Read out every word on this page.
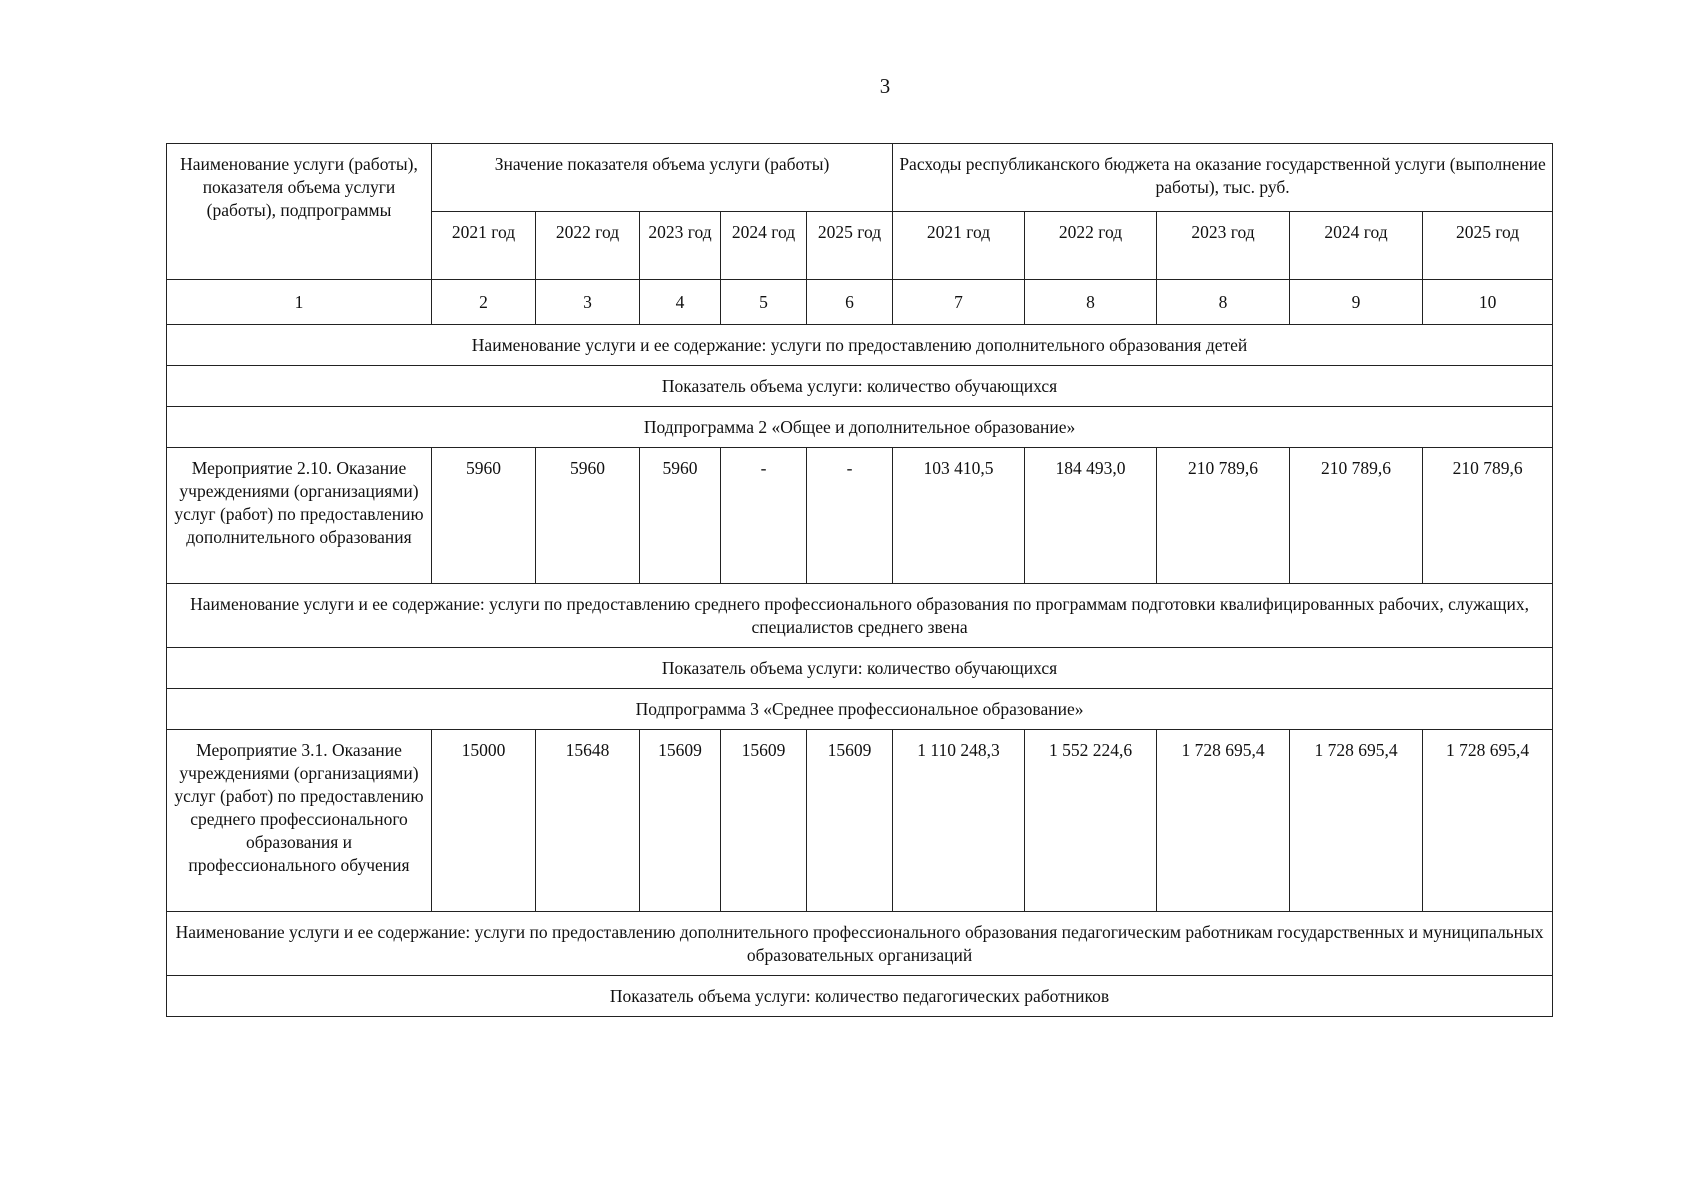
3
Наименование услуги (работы), показателя объема услуги (работы), подпрограммы	Значение показателя объема услуги (работы)					Расходы республиканского бюджета на оказание государственной услуги (выполнение работы), тыс. руб.				
	2021 год	2022 год	2023 год	2024 год	2025 год	2021 год	2022 год	2023 год	2024 год	2025 год
1	2	3	4	5	6	7	8	8	9	10
Наименование услуги и ее содержание: услуги по предоставлению дополнительного образования детей										
Показатель объема услуги: количество обучающихся										
Подпрограмма 2 «Общее и дополнительное образование»										
Мероприятие 2.10. Оказание учреждениями (организациями) услуг (работ) по предоставлению дополнительного образования	5960	5960	5960	-	-	103 410,5	184 493,0	210 789,6	210 789,6	210 789,6
Наименование услуги и ее содержание: услуги по предоставлению среднего профессионального образования по программам подготовки квалифицированных рабочих, служащих, специалистов среднего звена										
Показатель объема услуги: количество обучающихся										
Подпрограмма 3 «Среднее профессиональное образование»										
Мероприятие 3.1. Оказание учреждениями (организациями) услуг (работ) по предоставлению среднего профессионального образования и профессионального обучения	15000	15648	15609	15609	15609	1 110 248,3	1 552 224,6	1 728 695,4	1 728 695,4	1 728 695,4
Наименование услуги и ее содержание: услуги по предоставлению дополнительного профессионального образования педагогическим работникам государственных и муниципальных образовательных организаций										
Показатель объема услуги: количество педагогических работников										
